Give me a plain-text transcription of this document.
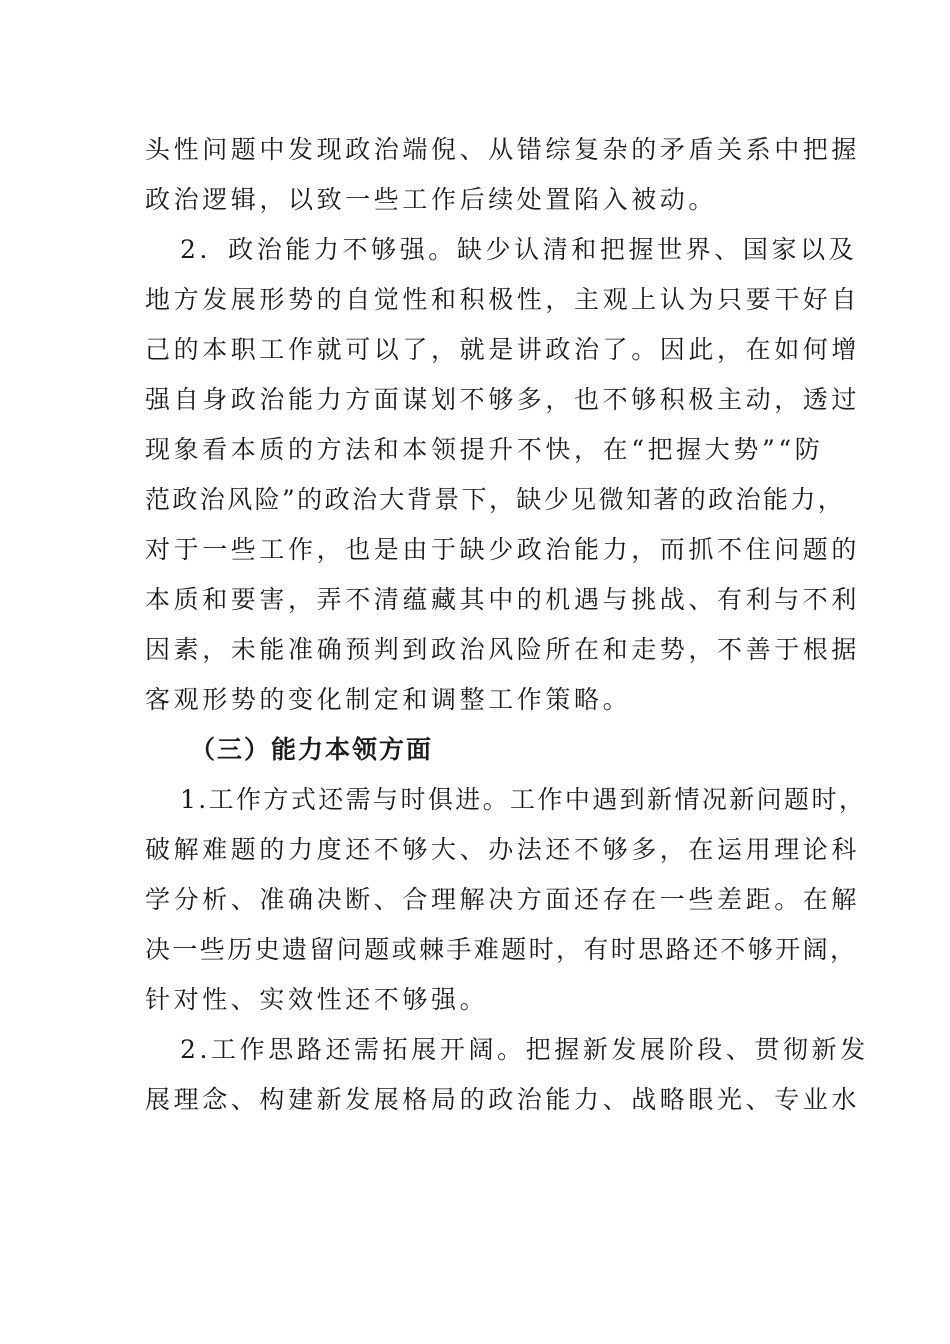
头性问题中发现政治端倪、从错综复杂的矛盾关系中把握
政治逻辑，以致一些工作后续处置陷入被动。
2．政治能力不够强。缺少认清和把握世界、国家以及
地方发展形势的自觉性和积极性，主观上认为只要干好自
己的本职工作就可以了，就是讲政治了。因此，在如何增
强自身政治能力方面谋划不够多，也不够积极主动，透过
现象看本质的方法和本领提升不快，在“把握大势”“防
范政治风险”的政治大背景下，缺少见微知著的政治能力，
对于一些工作，也是由于缺少政治能力，而抓不住问题的
本质和要害，弄不清蕴藏其中的机遇与挑战、有利与不利
因素，未能准确预判到政治风险所在和走势，不善于根据
客观形势的变化制定和调整工作策略。
（三）能力本领方面
1.工作方式还需与时俱进。工作中遇到新情况新问题时，
破解难题的力度还不够大、办法还不够多，在运用理论科
学分析、准确决断、合理解决方面还存在一些差距。在解
决一些历史遗留问题或棘手难题时，有时思路还不够开阔，
针对性、实效性还不够强。
2.工作思路还需拓展开阔。把握新发展阶段、贯彻新发
展理念、构建新发展格局的政治能力、战略眼光、专业水
